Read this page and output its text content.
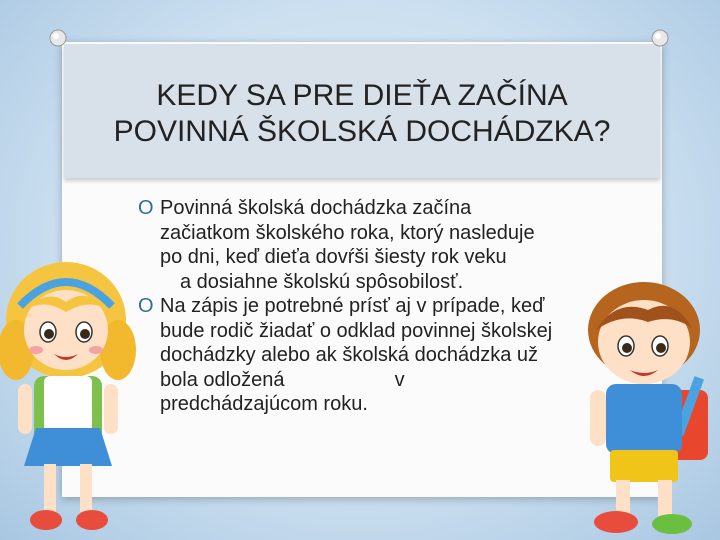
KEDY SA PRE DIEŤA ZAČÍNA
POVINNÁ ŠKOLSKÁ DOCHÁDZKA?
O Povinná školská dochádzka začína
začiatkom školského roka, ktorý nasleduje
po dni, keď dieťa dovŕši šiesty rok veku
a dosiahne školskú spôsobilosť.
O Na zápis je potrebné prísť aj v prípade, keď
bude rodič žiadať o odklad povinnej školskej
dochádzky alebo ak školská dochádzka už
bola odložená	v
predchádzajúcom roku.
